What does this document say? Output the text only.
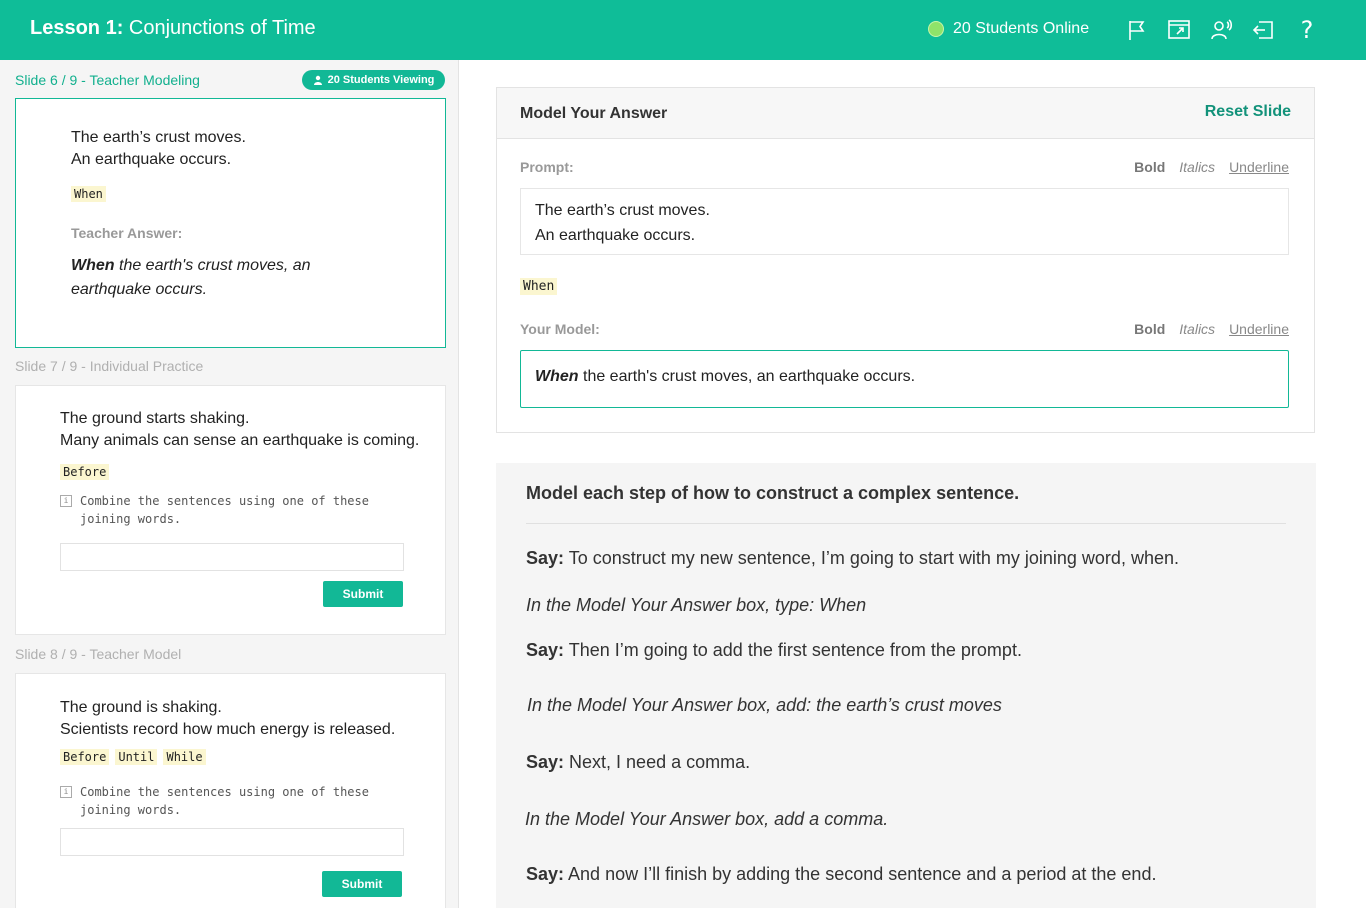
Lesson 1: Conjunctions of Time	20 Students Online	?
Slide 6 / 9 - Teacher Modeling	20 Students Viewing
The earth’s crust moves.
An earthquake occurs.
When
Teacher Answer:
When the earth's crust moves, an
earthquake occurs.
Slide 7 / 9 - Individual Practice
The ground starts shaking.
Many animals can sense an earthquake is coming.
Before
i Combine the sentences using one of these
joining words.
Submit
Slide 8 / 9 - Teacher Model
The ground is shaking.
Scientists record how much energy is released.
Before Until While
i Combine the sentences using one of these
joining words.
Submit
Model Your Answer	Reset Slide
Prompt:	Bold Italics Underline
The earth’s crust moves.
An earthquake occurs.
When
Your Model:	Bold Italics Underline
When the earth's crust moves, an earthquake occurs.
Model each step of how to construct a complex sentence.
Say: To construct my new sentence, I’m going to start with my joining word, when.
In the Model Your Answer box, type: When
Say: Then I’m going to add the first sentence from the prompt.
In the Model Your Answer box, add: the earth’s crust moves
Say: Next, I need a comma.
In the Model Your Answer box, add a comma.
Say: And now I’ll finish by adding the second sentence and a period at the end.
